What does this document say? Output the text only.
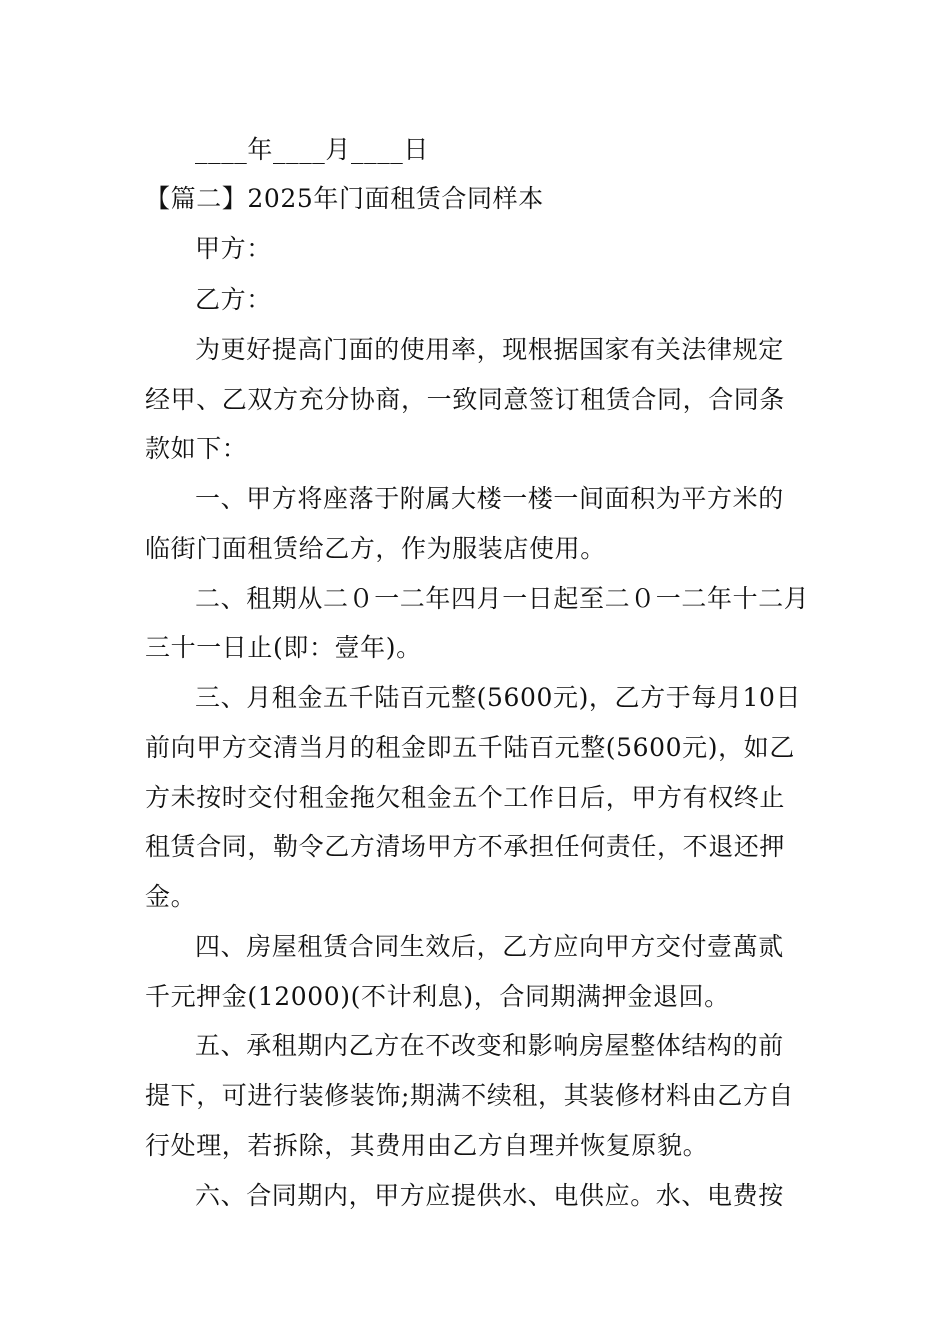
____年____月____日
【篇二】2025年门面租赁合同样本
甲方：
乙方：
为更好提高门面的使用率，现根据国家有关法律规定
经甲、乙双方充分协商，一致同意签订租赁合同，合同条
款如下：
一、甲方将座落于附属大楼一楼一间面积为平方米的
临街门面租赁给乙方，作为服装店使用。
二、租期从二０一二年四月一日起至二０一二年十二月
三十一日止(即：壹年)。
三、月租金五千陆百元整(5600元)，乙方于每月10日
前向甲方交清当月的租金即五千陆百元整(5600元)，如乙
方未按时交付租金拖欠租金五个工作日后，甲方有权终止
租赁合同，勒令乙方清场甲方不承担任何责任，不退还押
金。
四、房屋租赁合同生效后，乙方应向甲方交付壹萬贰
千元押金(12000)(不计利息)，合同期满押金退回。
五、承租期内乙方在不改变和影响房屋整体结构的前
提下，可进行装修装饰;期满不续租，其装修材料由乙方自
行处理，若拆除，其费用由乙方自理并恢复原貌。
六、合同期内，甲方应提供水、电供应。水、电费按
